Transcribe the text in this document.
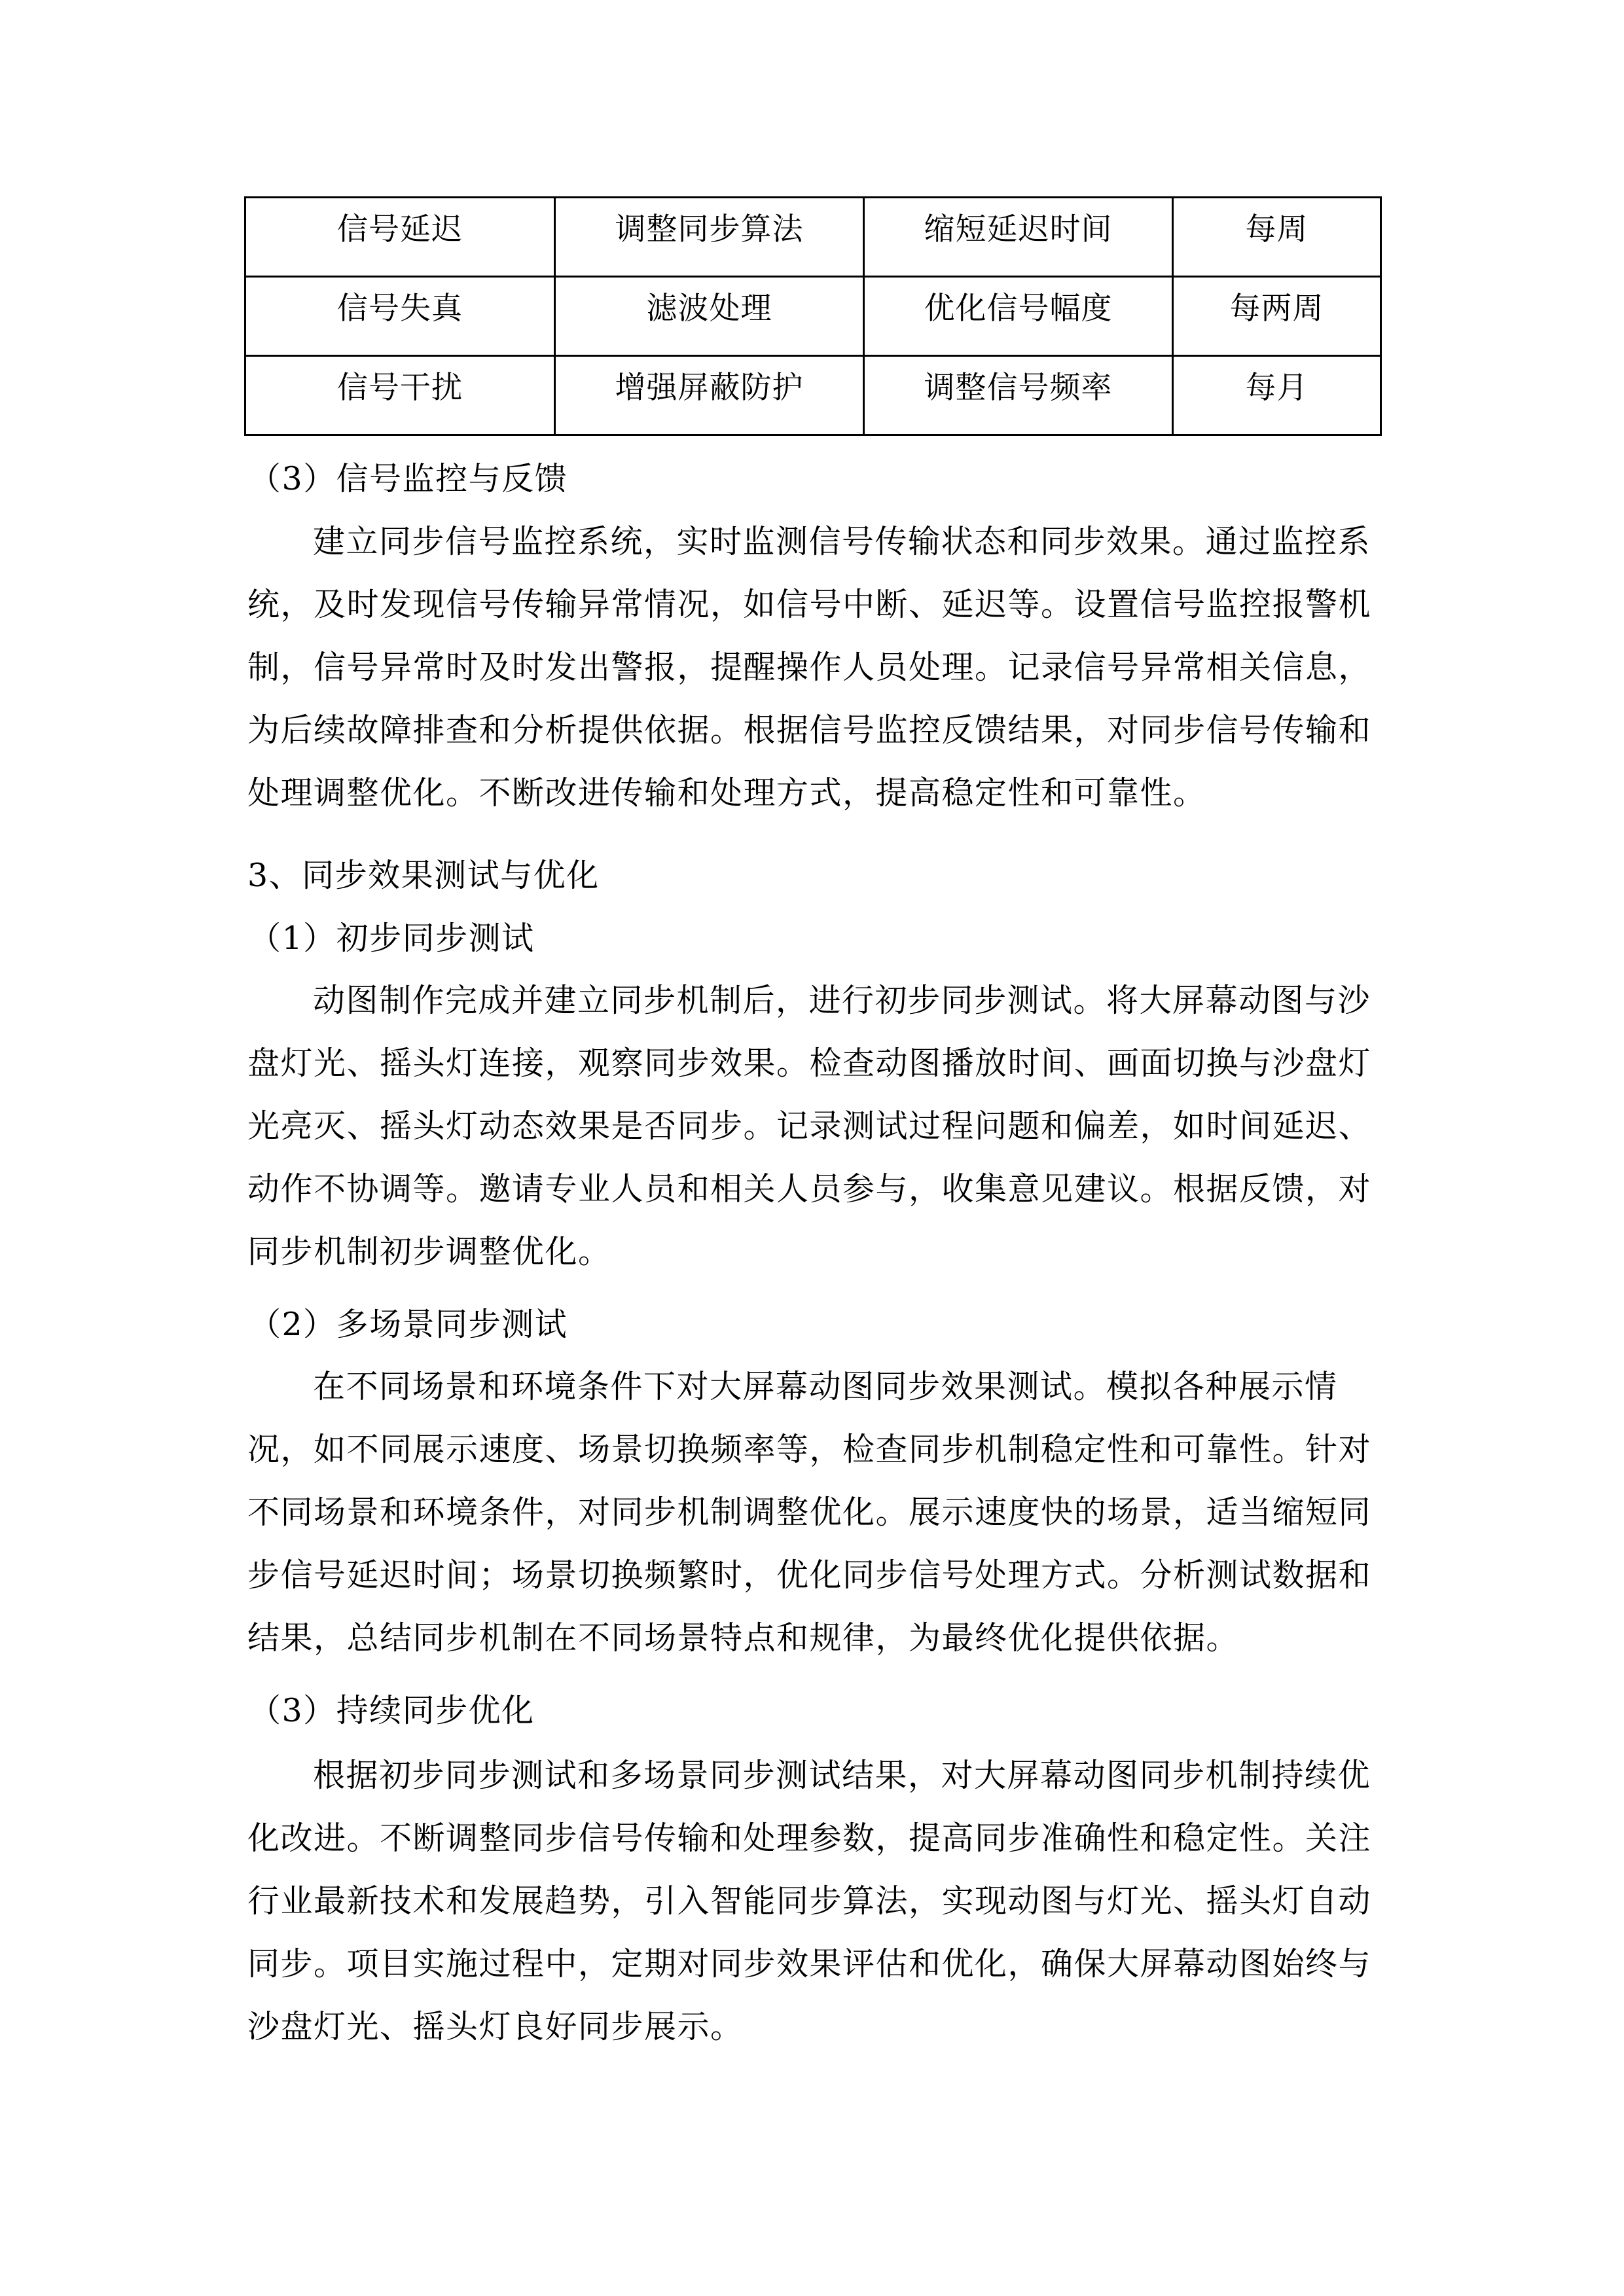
信号延迟	调整同步算法	缩短延迟时间	每周

信号失真	滤波处理	优化信号幅度	每两周

信号干扰	增强屏蔽防护	调整信号频率	每月
（3）信号监控与反馈
建立同步信号监控系统，实时监测信号传输状态和同步效果。通过监控系
统，及时发现信号传输异常情况，如信号中断、延迟等。设置信号监控报警机
制，信号异常时及时发出警报，提醒操作人员处理。记录信号异常相关信息，
为后续故障排查和分析提供依据。根据信号监控反馈结果，对同步信号传输和
处理调整优化。不断改进传输和处理方式，提高稳定性和可靠性。
3、同步效果测试与优化
（1）初步同步测试
动图制作完成并建立同步机制后，进行初步同步测试。将大屏幕动图与沙
盘灯光、摇头灯连接，观察同步效果。检查动图播放时间、画面切换与沙盘灯
光亮灭、摇头灯动态效果是否同步。记录测试过程问题和偏差，如时间延迟、
动作不协调等。邀请专业人员和相关人员参与，收集意见建议。根据反馈，对
同步机制初步调整优化。
（2）多场景同步测试
在不同场景和环境条件下对大屏幕动图同步效果测试。模拟各种展示情
况，如不同展示速度、场景切换频率等，检查同步机制稳定性和可靠性。针对
不同场景和环境条件，对同步机制调整优化。展示速度快的场景，适当缩短同
步信号延迟时间；场景切换频繁时，优化同步信号处理方式。分析测试数据和
结果，总结同步机制在不同场景特点和规律，为最终优化提供依据。
（3）持续同步优化
根据初步同步测试和多场景同步测试结果，对大屏幕动图同步机制持续优
化改进。不断调整同步信号传输和处理参数，提高同步准确性和稳定性。关注
行业最新技术和发展趋势，引入智能同步算法，实现动图与灯光、摇头灯自动
同步。项目实施过程中，定期对同步效果评估和优化，确保大屏幕动图始终与
沙盘灯光、摇头灯良好同步展示。
